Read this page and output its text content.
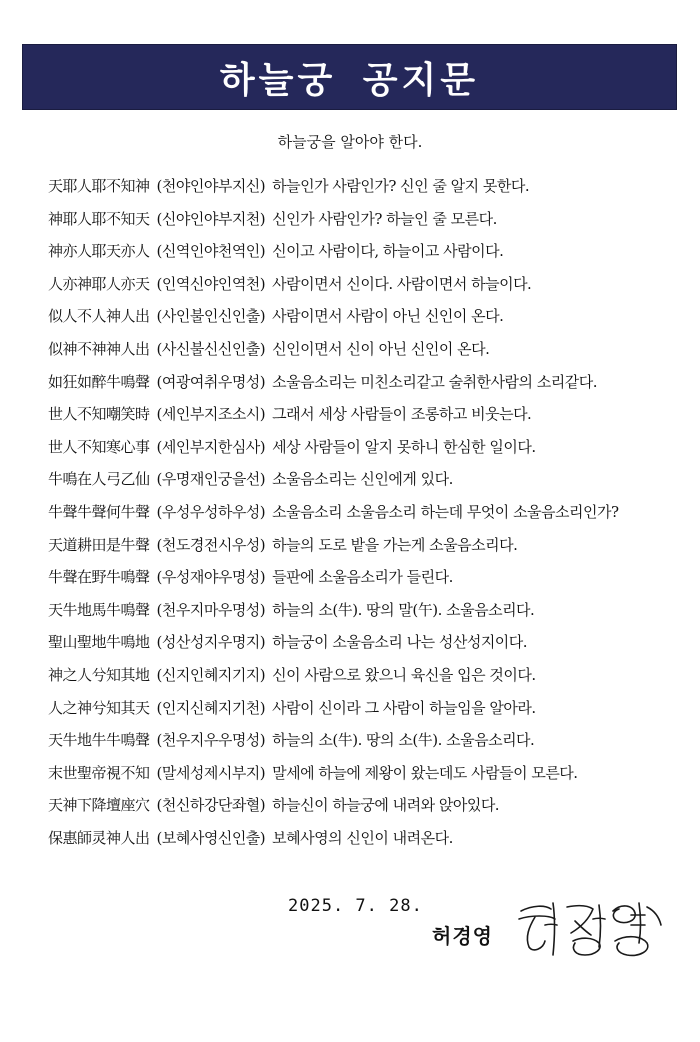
하늘궁 공지문
하늘궁을 알아야 한다.
天耶人耶不知神 (천야인야부지신) 하늘인가 사람인가? 신인 줄 알지 못한다.
神耶人耶不知天 (신야인야부지천) 신인가 사람인가? 하늘인 줄 모른다.
神亦人耶天亦人 (신역인야천역인) 신이고 사람이다, 하늘이고 사람이다.
人亦神耶人亦天 (인역신야인역천) 사람이면서 신이다. 사람이면서 하늘이다.
似人不人神人出 (사인불인신인출) 사람이면서 사람이 아닌 신인이 온다.
似神不神神人出 (사신불신신인출) 신인이면서 신이 아닌 신인이 온다.
如狂如醉牛鳴聲 (여광여취우명성) 소울음소리는 미친소리같고 술취한사람의 소리같다.
世人不知嘲笑時 (세인부지조소시) 그래서 세상 사람들이 조롱하고 비웃는다.
世人不知寒心事 (세인부지한심사) 세상 사람들이 알지 못하니 한심한 일이다.
牛鳴在人弓乙仙 (우명재인궁을선) 소울음소리는 신인에게 있다.
牛聲牛聲何牛聲 (우성우성하우성) 소울음소리 소울음소리 하는데 무엇이 소울음소리인가?
天道耕田是牛聲 (천도경전시우성) 하늘의 도로 밭을 가는게 소울음소리다.
牛聲在野牛鳴聲 (우성재야우명성) 들판에 소울음소리가 들린다.
天牛地馬牛鳴聲 (천우지마우명성) 하늘의 소(牛). 땅의 말(午). 소울음소리다.
聖山聖地牛鳴地 (성산성지우명지) 하늘궁이 소울음소리 나는 성산성지이다.
神之人兮知其地 (신지인혜지기지) 신이 사람으로 왔으니 육신을 입은 것이다.
人之神兮知其天 (인지신혜지기천) 사람이 신이라 그 사람이 하늘임을 알아라.
天牛地牛牛鳴聲 (천우지우우명성) 하늘의 소(牛). 땅의 소(牛). 소울음소리다.
末世聖帝視不知 (말세성제시부지) 말세에 하늘에 제왕이 왔는데도 사람들이 모른다.
天神下降壇座穴 (천신하강단좌혈) 하늘신이 하늘궁에 내려와 앉아있다.
保惠師灵神人出 (보혜사영신인출) 보혜사영의 신인이 내려온다.
2025. 7. 28.
허경영
